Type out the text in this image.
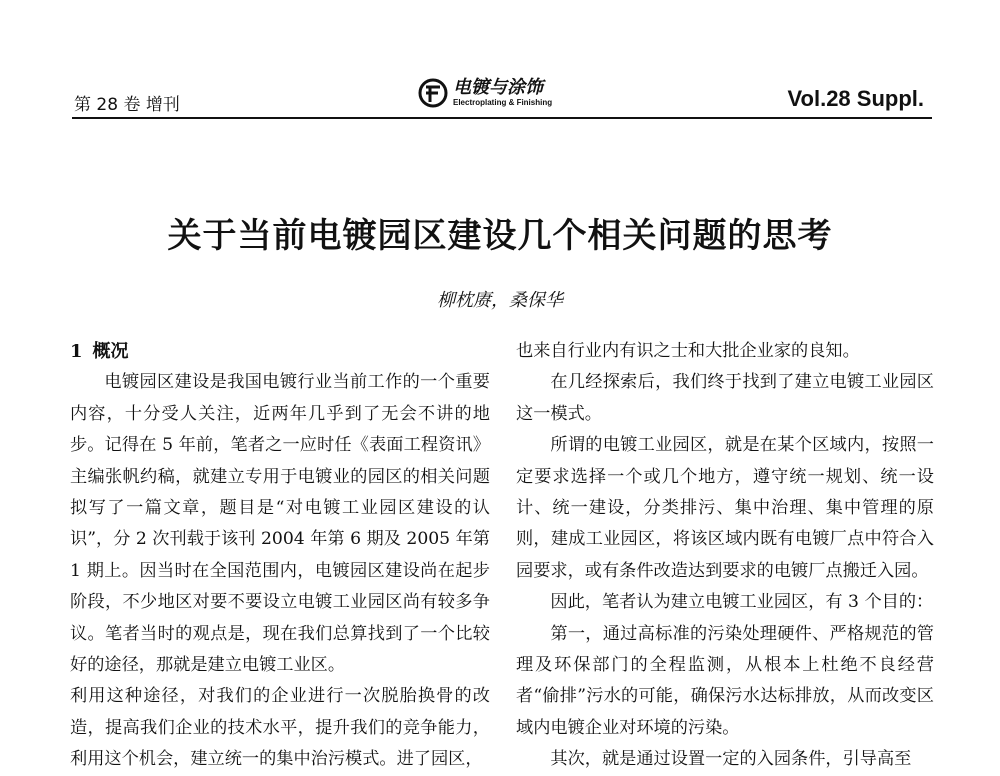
第 28 卷 增刊
电镀与涂饰
Electroplating & Finishing	Vol.28 Suppl.
关于当前电镀园区建设几个相关问题的思考
柳枕赓，桑保华
1 概况

电镀园区建设是我国电镀行业当前工作的一个重要内容，十分受人关注，近两年几乎到了无会不讲的地步。记得在 5 年前，笔者之一应时任《表面工程资讯》主编张帆约稿，就建立专用于电镀业的园区的相关问题拟写了一篇文章，题目是“对电镀工业园区建设的认识”，分 2 次刊载于该刊 2004 年第 6 期及 2005 年第 1 期上。因当时在全国范围内，电镀园区建设尚在起步阶段，不少地区对要不要设立电镀工业园区尚有较多争议。笔者当时的观点是，现在我们总算找到了一个比较好的途径，那就是建立电镀工业区。

利用这种途径，对我们的企业进行一次脱胎换骨的改造，提高我们企业的技术水平，提升我们的竞争能力，利用这个机会，建立统一的集中治污模式。进了园区，

也来自行业内有识之士和大批企业家的良知。

在几经探索后，我们终于找到了建立电镀工业园区这一模式。

所谓的电镀工业园区，就是在某个区域内，按照一定要求选择一个或几个地方，遵守统一规划、统一设计、统一建设，分类排污、集中治理、集中管理的原则，建成工业园区，将该区域内既有电镀厂点中符合入园要求，或有条件改造达到要求的电镀厂点搬迁入园。

因此，笔者认为建立电镀工业园区，有 3 个目的：

第一，通过高标准的污染处理硬件、严格规范的管理及环保部门的全程监测，从根本上杜绝不良经营者“偷排”污水的可能，确保污水达标排放，从而改变区域内电镀企业对环境的污染。

其次，就是通过设置一定的入园条件，引导高至
